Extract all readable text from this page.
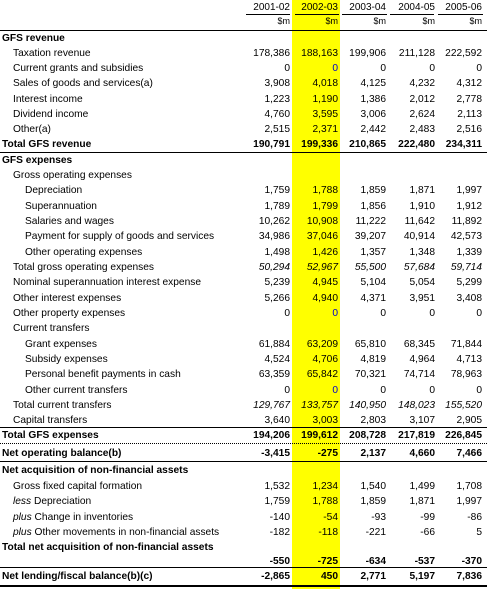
2001-02	2002-03	2003-04	2004-05	2005-06
$m	$m	$m	$m	$m
GFS revenue
Taxation revenue	178,386	188,163	199,906	211,128 222,592
Current grants and subsidies	0	0	0	0	0
Sales of goods and services(a)	3,908	4,018	4,125	4,232	4,312
Interest income	1,223	1,190	1,386	2,012	2,778
Dividend income	4,760	3,595	3,006	2,624	2,113
Other(a)	2,515	2,371	2,442	2,483	2,516
Total GFS revenue	190,791	199,336	210,865	222,480	234,311
GFS expenses
Gross operating expenses
Depreciation	1,759	1,788	1,859	1,871	1,997
Superannuation	1,789	1,799	1,856	1,910	1,912
Salaries and wages	10,262	10,908	11,222	11,642	11,892
Payment for supply of goods and services	34,986	37,046	39,207	40,914	42,573
Other operating expenses	1,498	1,426	1,357	1,348	1,339
Total gross operating expenses	50,294	52,967	55,500	57,684	59,714
Nominal superannuation interest expense	5,239	4,945	5,104	5,054	5,299
Other interest expenses	5,266	4,940	4,371	3,951	3,408
Other property expenses	0	0	0	0	0
Current transfers
Grant expenses	61,884	63,209	65,810	68,345	71,844
Subsidy expenses	4,524	4,706	4,819	4,964	4,713
Personal benefit payments in cash	63,359	65,842	70,321	74,714	78,963
Other current transfers	0	0	0	0	0
Total current transfers	129,767	133,757	140,950	148,023 155,520
Capital transfers	3,640	3,003	2,803	3,107	2,905
Total GFS expenses	194,206	199,612	208,728	217,819 226,845
Net operating balance(b)	-3,415	-275	2,137	4,660	7,466
Net acquisition of non-financial assets
Gross fixed capital formation	1,532	1,234	1,540	1,499	1,708
less Depreciation	1,759	1,788	1,859	1,871	1,997
plus Change in inventories	-140	-54	-93	-99	-86
plus Other movements in non-financial assets	-182	-118	-221	-66	5
Total net acquisition of non-financial assets
-550	-725	-634	-537	-370
Net lending/fiscal balance(b)(c)	-2,865	450	2,771	5,197	7,836
